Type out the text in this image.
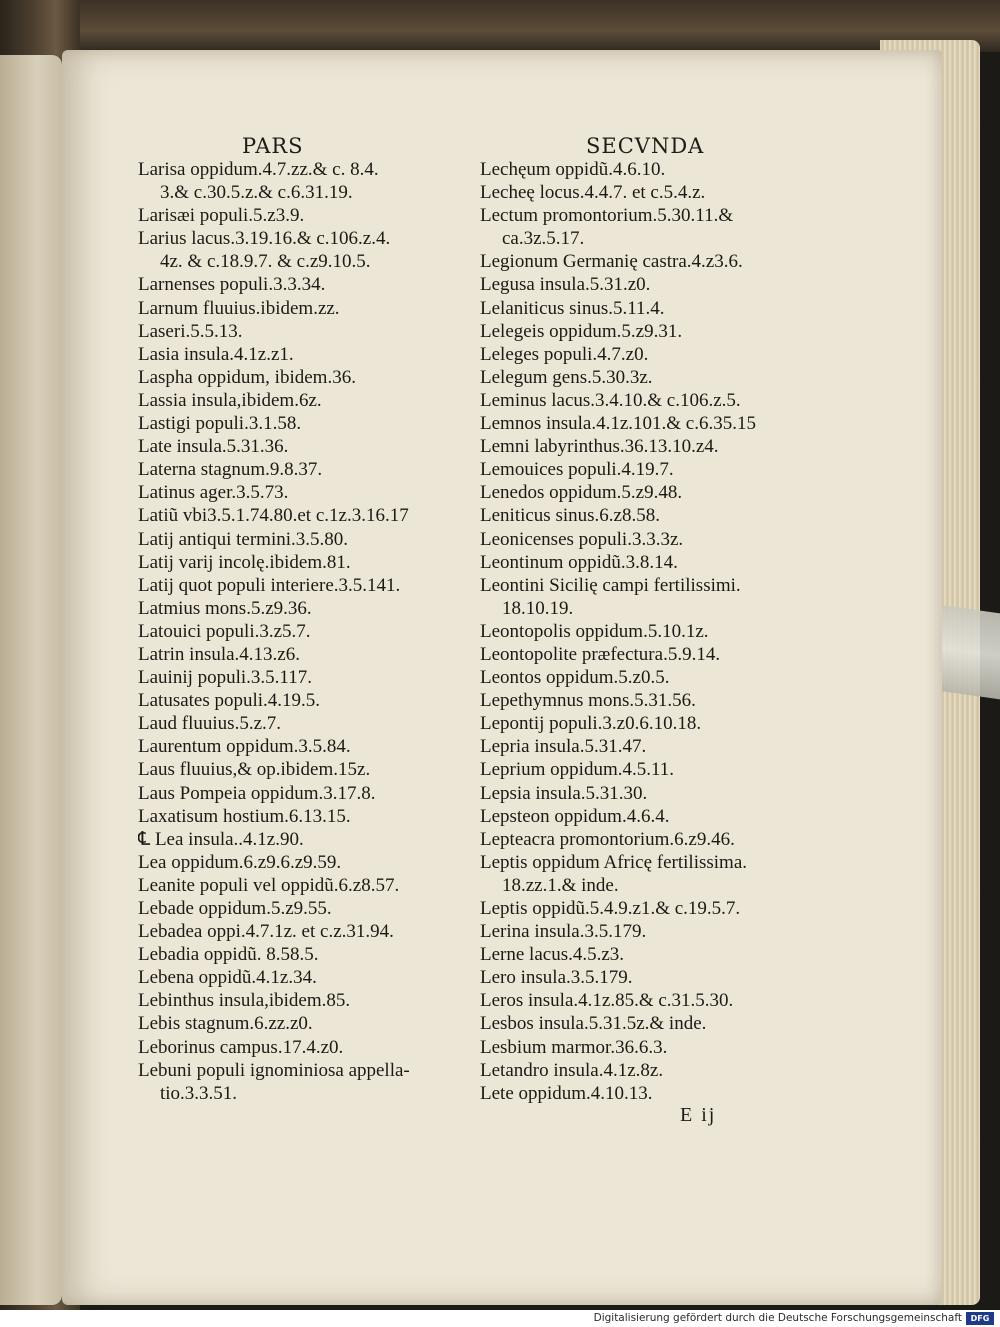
PARS	SECVNDA
Larisa oppidum.4.7.zz.& c. 8.4.
3.& c.30.5.z.& c.6.31.19.
Larisæi populi.5.z3.9.
Larius lacus.3.19.16.& c.106.z.4.
4z. & c.18.9.7. & c.z9.10.5.
Larnenses populi.3.3.34.
Larnum fluuius.ibidem.zz.
Laseri.5.5.13.
Lasia insula.4.1z.z1.
Laspha oppidum, ibidem.36.
Lassia insula,ibidem.6z.
Lastigi populi.3.1.58.
Late insula.5.31.36.
Laterna stagnum.9.8.37.
Latinus ager.3.5.73.
Latiũ vbi3.5.1.74.80.et c.1z.3.16.17
Latij antiqui termini.3.5.80.
Latij varij incolę.ibidem.81.
Latij quot populi interiere.3.5.141.
Latmius mons.5.z9.36.
Latouici populi.3.z5.7.
Latrin insula.4.13.z6.
Lauinij populi.3.5.117.
Latusates populi.4.19.5.
Laud fluuius.5.z.7.
Laurentum oppidum.3.5.84.
Laus fluuius,& op.ibidem.15z.
Laus Pompeia oppidum.3.17.8.
Laxatisum hostium.6.13.15.
℄ Lea insula..4.1z.90.
Lea oppidum.6.z9.6.z9.59.
Leanite populi vel oppidũ.6.z8.57.
Lebade oppidum.5.z9.55.
Lebadea oppi.4.7.1z. et c.z.31.94.
Lebadia oppidũ. 8.58.5.
Lebena oppidũ.4.1z.34.
Lebinthus insula,ibidem.85.
Lebis stagnum.6.zz.z0.
Leborinus campus.17.4.z0.
Lebuni populi ignominiosa appella-
tio.3.3.51.
Lechęum oppidũ.4.6.10.
Lecheę locus.4.4.7. et c.5.4.z.
Lectum promontorium.5.30.11.&
ca.3z.5.17.
Legionum Germanię castra.4.z3.6.
Legusa insula.5.31.z0.
Lelaniticus sinus.5.11.4.
Lelegeis oppidum.5.z9.31.
Leleges populi.4.7.z0.
Lelegum gens.5.30.3z.
Leminus lacus.3.4.10.& c.106.z.5.
Lemnos insula.4.1z.101.& c.6.35.15
Lemni labyrinthus.36.13.10.z4.
Lemouices populi.4.19.7.
Lenedos oppidum.5.z9.48.
Leniticus sinus.6.z8.58.
Leonicenses populi.3.3.3z.
Leontinum oppidũ.3.8.14.
Leontini Sicilię campi fertilissimi.
18.10.19.
Leontopolis oppidum.5.10.1z.
Leontopolite præfectura.5.9.14.
Leontos oppidum.5.z0.5.
Lepethymnus mons.5.31.56.
Lepontij populi.3.z0.6.10.18.
Lepria insula.5.31.47.
Leprium oppidum.4.5.11.
Lepsia insula.5.31.30.
Lepsteon oppidum.4.6.4.
Lepteacra promontorium.6.z9.46.
Leptis oppidum Africę fertilissima.
18.zz.1.& inde.
Leptis oppidũ.5.4.9.z1.& c.19.5.7.
Lerina insula.3.5.179.
Lerne lacus.4.5.z3.
Lero insula.3.5.179.
Leros insula.4.1z.85.& c.31.5.30.
Lesbos insula.5.31.5z.& inde.
Lesbium marmor.36.6.3.
Letandro insula.4.1z.8z.
Lete oppidum.4.10.13.
E ij
Digitalisierung gefördert durch die Deutsche Forschungsgemeinschaft	DFG
